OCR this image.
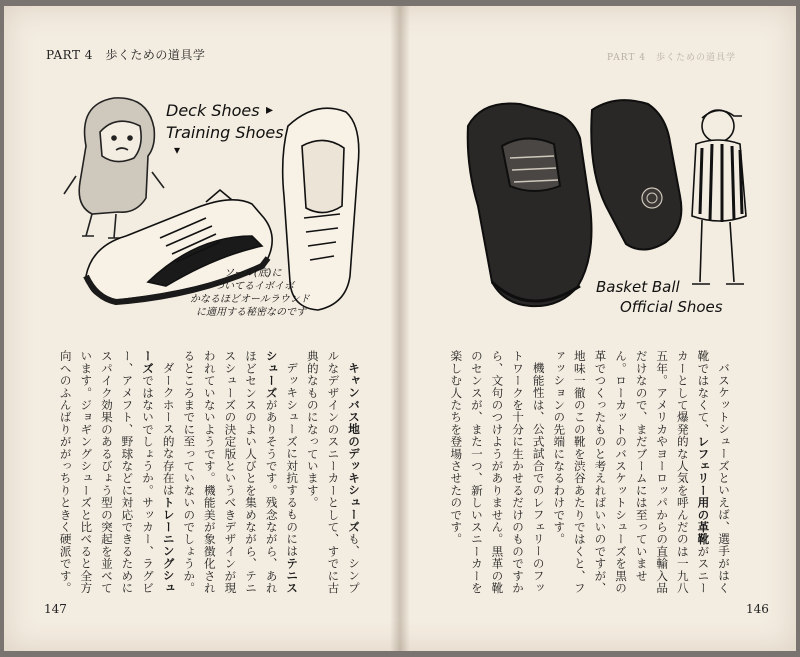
PART 4　歩くための道具学
Deck Shoes
Training Shoes
▸
▾
ソール(底)に
ついてるイボイボ
かなるほどオールラウンド
に適用する秘密なのです

キャンバス地のデッキシューズも、シンプルなデザインのスニーカーとして、すでに古典的なものになっています。

デッキシューズに対抗するものにはテニスシューズがありそうです。残念ながら、あれほどセンスのよい人びとを集めながら、テニスシューズの決定版というべきデザインが現われていないようです。機能美が象徴化されるところまでに至っていないのでしょうか。

ダークホース的な存在はトレーニングシューズではないでしょうか。サッカー、ラグビー、アメフト、野球などに対応できるためにスパイク効果のあるびょう型の突起を並べています。ジョギングシューズと比べると全方向へのふんばりががっちりときく硬派です。

147
PART 4　歩くための道具学
Basket Ball
Official Shoes

バスケットシューズといえば、選手がはく靴ではなくて、レフェリー用の革靴がスニーカーとして爆発的な人気を呼んだのは一九八五年。アメリカやヨーロッパからの直輸入品だけなので、まだブームには至っていません。ローカットのバスケットシューズを黒の革でつくったものと考えればいいのですが、地味一徹のこの靴を渋谷あたりではくと、ファッションの先端になるわけです。

機能性は、公式試合でのレフェリーのフットワークを十分に生かせるだけのものですから、文句のつけようがありません。黒革の靴のセンスが、また一つ、新しいスニーカーを楽しむ人たちを登場させたのです。

146
